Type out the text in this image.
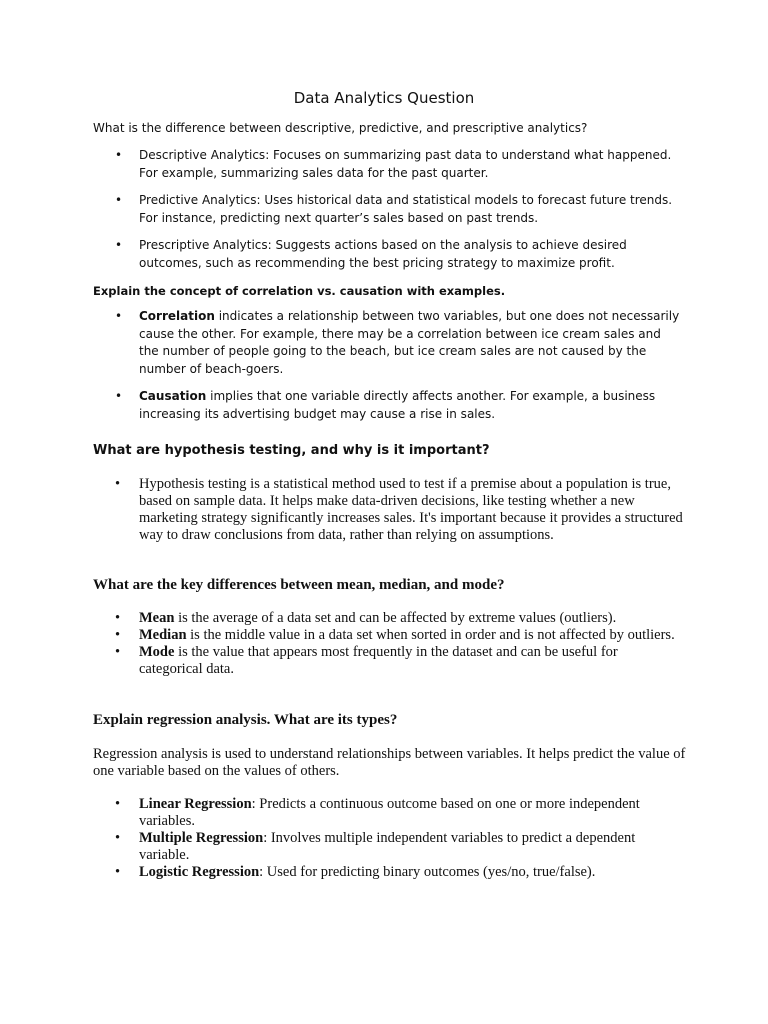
Data Analytics Question

What is the difference between descriptive, predictive, and prescriptive analytics?

• Descriptive Analytics: Focuses on summarizing past data to understand what happened. For example, summarizing sales data for the past quarter.
• Predictive Analytics: Uses historical data and statistical models to forecast future trends. For instance, predicting next quarter’s sales based on past trends.
• Prescriptive Analytics: Suggests actions based on the analysis to achieve desired outcomes, such as recommending the best pricing strategy to maximize profit.

Explain the concept of correlation vs. causation with examples.

• Correlation indicates a relationship between two variables, but one does not necessarily cause the other. For example, there may be a correlation between ice cream sales and the number of people going to the beach, but ice cream sales are not caused by the number of beach-goers.
• Causation implies that one variable directly affects another. For example, a business increasing its advertising budget may cause a rise in sales.

What are hypothesis testing, and why is it important?

• Hypothesis testing is a statistical method used to test if a premise about a population is true, based on sample data. It helps make data-driven decisions, like testing whether a new marketing strategy significantly increases sales. It's important because it provides a structured way to draw conclusions from data, rather than relying on assumptions.

What are the key differences between mean, median, and mode?

• Mean is the average of a data set and can be affected by extreme values (outliers).
• Median is the middle value in a data set when sorted in order and is not affected by outliers.
• Mode is the value that appears most frequently in the dataset and can be useful for categorical data.

Explain regression analysis. What are its types?

Regression analysis is used to understand relationships between variables. It helps predict the value of one variable based on the values of others.

• Linear Regression: Predicts a continuous outcome based on one or more independent variables.
• Multiple Regression: Involves multiple independent variables to predict a dependent variable.
• Logistic Regression: Used for predicting binary outcomes (yes/no, true/false).
